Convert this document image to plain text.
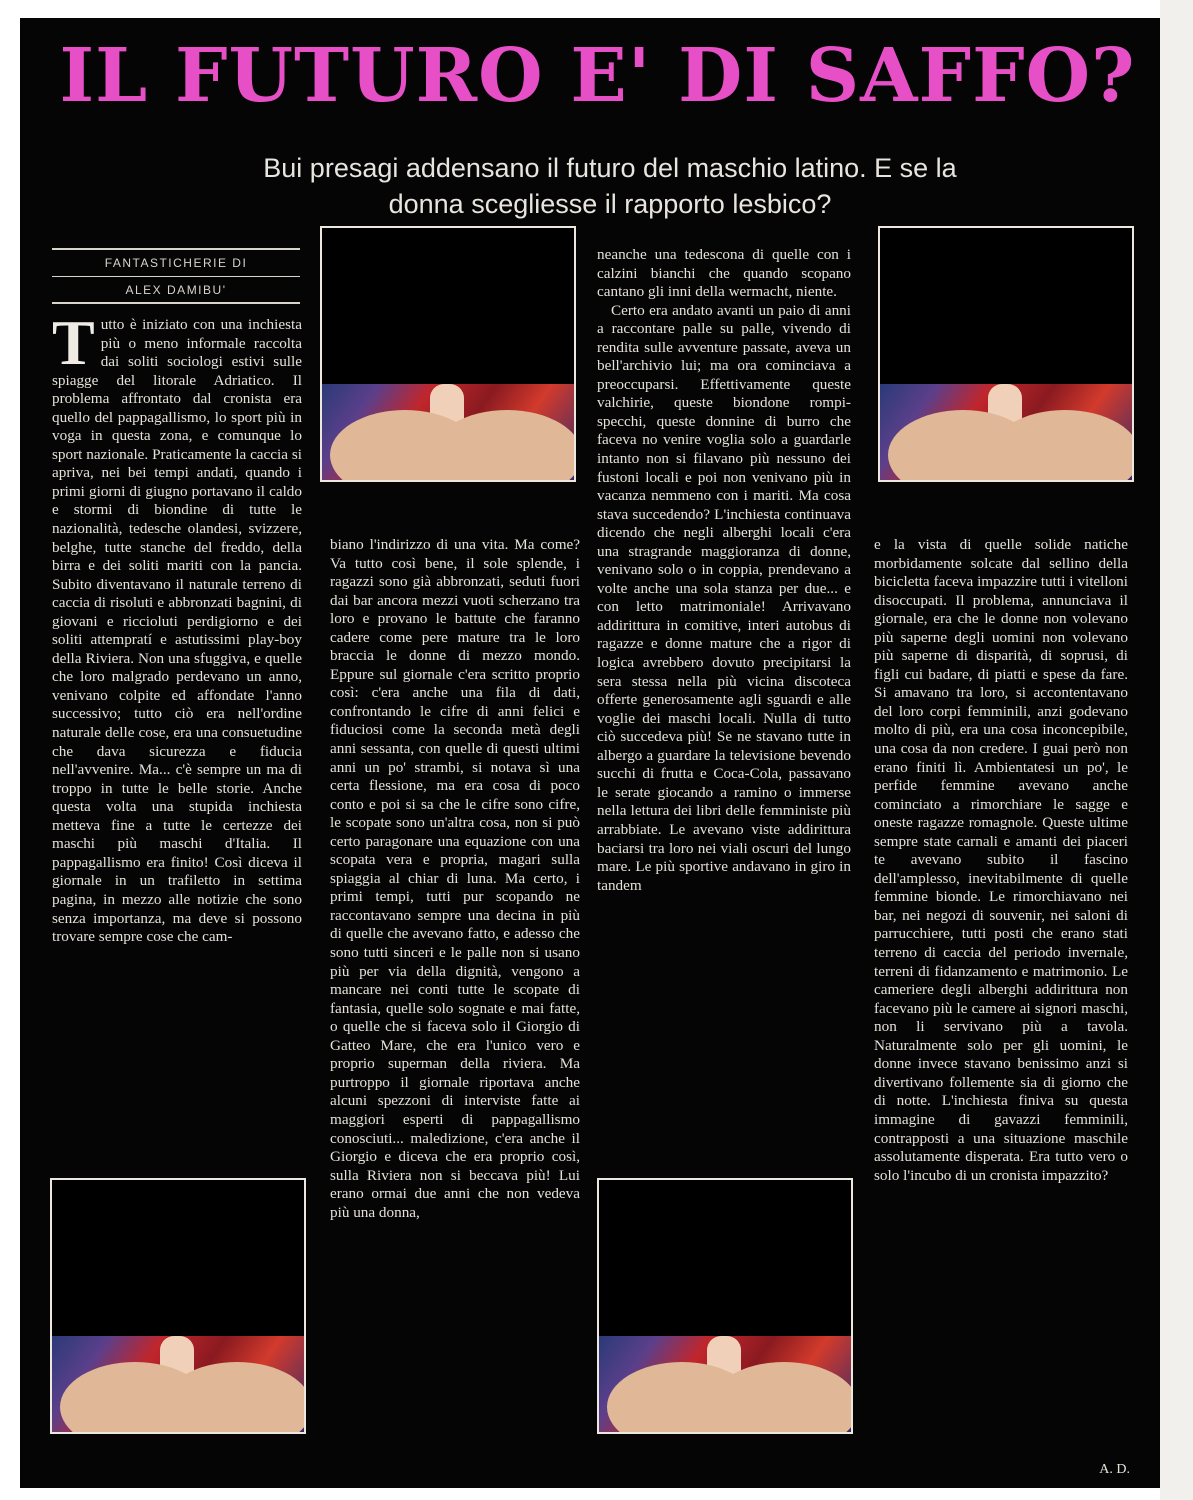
IL FUTURO E' DI SAFFO?

Bui presagi addensano il futuro del maschio latino. E se la donna scegliesse il rapporto lesbico?

FANTASTICHERIE DI
ALEX DAMIBU'
T utto è iniziato con una inchiesta più o meno informale raccolta dai soliti sociologi estivi sulle spiagge del litorale Adriatico. Il problema affrontato dal cronista era quello del pappagallismo, lo sport più in voga in questa zona, e comunque lo sport nazionale. Praticamente la caccia si apriva, nei bei tempi andati, quando i primi giorni di giugno portavano il caldo e stormi di biondine di tutte le nazionalità, tedesche olandesi, svizzere, belghe, tutte stanche del freddo, della birra e dei soliti mariti con la pancia. Subito diventavano il naturale terreno di caccia di risoluti e abbronzati bagnini, di giovani e riccioluti perdigiorno e dei soliti attempratí e astutissimi play-boy della Riviera. Non una sfuggiva, e quelle che loro malgrado perdevano un anno, venivano colpite ed affondate l'anno successivo; tutto ciò era nell'ordine naturale delle cose, era una consuetudine che dava sicurezza e fiducia nell'avvenire. Ma... c'è sempre un ma di troppo in tutte le belle storie. Anche questa volta una stupida inchiesta metteva fine a tutte le certezze dei maschi più maschi d'Italia. Il pappagallismo era finito! Così diceva il giornale in un trafiletto in settima pagina, in mezzo alle notizie che sono senza importanza, ma deve si possono trovare sempre cose che cam-

biano l'indirizzo di una vita. Ma come? Va tutto così bene, il sole splende, i ragazzi sono già abbronzati, seduti fuori dai bar ancora mezzi vuoti scherzano tra loro e provano le battute che faranno cadere come pere mature tra le loro braccia le donne di mezzo mondo. Eppure sul giornale c'era scritto proprio così: c'era anche una fila di dati, confrontando le cifre di anni felici e fiduciosi come la seconda metà degli anni sessanta, con quelle di questi ultimi anni un po' strambi, si notava sì una certa flessione, ma era cosa di poco conto e poi si sa che le cifre sono cifre, le scopate sono un'altra cosa, non si può certo paragonare una equazione con una scopata vera e propria, magari sulla spiaggia al chiar di luna. Ma certo, i primi tempi, tutti pur scopando ne raccontavano sempre una decina in più di quelle che avevano fatto, e adesso che sono tutti sinceri e le palle non si usano più per via della dignità, vengono a mancare nei conti tutte le scopate di fantasia, quelle solo sognate e mai fatte, o quelle che si faceva solo il Giorgio di Gatteo Mare, che era l'unico vero e proprio superman della riviera. Ma purtroppo il giornale riportava anche alcuni spezzoni di interviste fatte ai maggiori esperti di pappagallismo conosciuti... maledizione, c'era anche il Giorgio e diceva che era proprio così, sulla Riviera non si beccava più! Lui erano ormai due anni che non vedeva più una donna,

neanche una tedescona di quelle con i calzini bianchi che quando scopano cantano gli inni della wermacht, niente.

Certo era andato avanti un paio di anni a raccontare palle su palle, vivendo di rendita sulle avventure passate, aveva un bell'archivio lui; ma ora cominciava a preoccuparsi. Effettivamente queste valchirie, queste biondone rompi-specchi, queste donnine di burro che faceva no venire voglia solo a guardarle intanto non si filavano più nessuno dei fustoni locali e poi non venivano più in vacanza nemmeno con i mariti. Ma cosa stava succedendo? L'inchiesta continuava dicendo che negli alberghi locali c'era una stragrande maggioranza di donne, venivano solo o in coppia, prendevano a volte anche una sola stanza per due... e con letto matrimoniale! Arrivavano addirittura in comitive, interi autobus di ragazze e donne mature che a rigor di logica avrebbero dovuto precipitarsi la sera stessa nella più vicina discoteca offerte generosamente agli sguardi e alle voglie dei maschi locali. Nulla di tutto ciò succedeva più! Se ne stavano tutte in albergo a guardare la televisione bevendo succhi di frutta e Coca-Cola, passavano le serate giocando a ramino o immerse nella lettura dei libri delle femministe più arrabbiate. Le avevano viste addirittura baciarsi tra loro nei viali oscuri del lungo mare. Le più sportive andavano in giro in tandem

e la vista di quelle solide natiche morbidamente solcate dal sellino della bicicletta faceva impazzire tutti i vitelloni disoccupati. Il problema, annunciava il giornale, era che le donne non volevano più saperne degli uomini non volevano più saperne di disparità, di soprusi, di figli cui badare, di piatti e spese da fare. Si amavano tra loro, si accontentavano del loro corpi femminili, anzi godevano molto di più, era una cosa inconcepibile, una cosa da non credere. I guai però non erano finiti lì. Ambientatesi un po', le perfide femmine avevano anche cominciato a rimorchiare le sagge e oneste ragazze romagnole. Queste ultime sempre state carnali e amanti dei piaceri te avevano subito il fascino dell'amplesso, inevitabilmente di quelle femmine bionde. Le rimorchiavano nei bar, nei negozi di souvenir, nei saloni di parrucchiere, tutti posti che erano stati terreno di caccia del periodo invernale, terreni di fidanzamento e matrimonio. Le cameriere degli alberghi addirittura non facevano più le camere ai signori maschi, non li servivano più a tavola. Naturalmente solo per gli uomini, le donne invece stavano benissimo anzi si divertivano follemente sia di giorno che di notte. L'inchiesta finiva su questa immagine di gavazzi femminili, contrapposti a una situazione maschile assolutamente disperata. Era tutto vero o solo l'incubo di un cronista impazzito?

A. D.
